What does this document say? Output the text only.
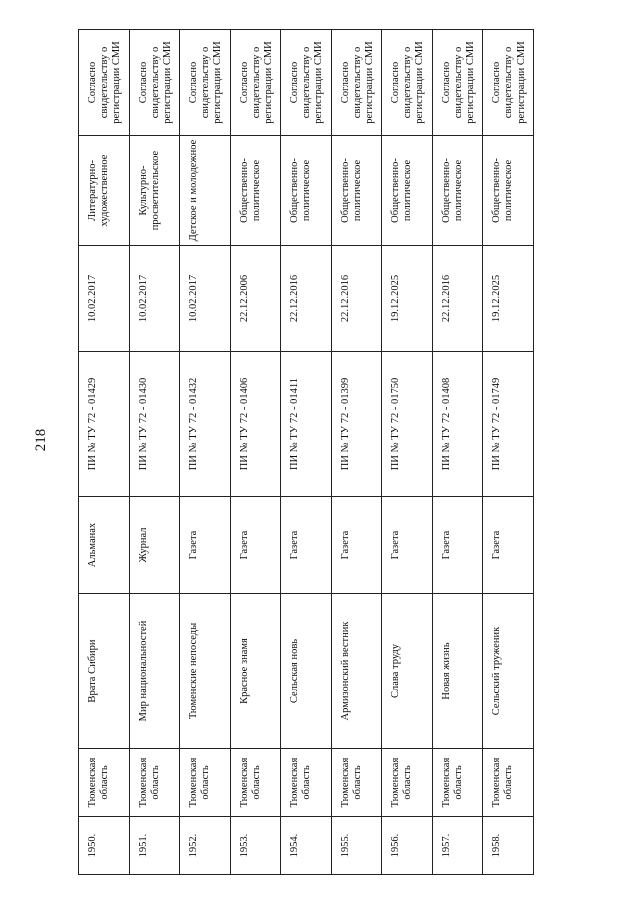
218
1950.	Тюменская область	Врата Сибири	Альманах	ПИ № ТУ 72 - 01429	10.02.2017	Литературно-художественное	Согласно свидетельству о регистрации СМИ
1951.	Тюменская область	Мир национальностей	Журнал	ПИ № ТУ 72 - 01430	10.02.2017	Культурно-просветительское	Согласно свидетельству о регистрации СМИ
1952.	Тюменская область	Тюменские непоседы	Газета	ПИ № ТУ 72 - 01432	10.02.2017	Детское и молодежное	Согласно свидетельству о регистрации СМИ
1953.	Тюменская область	Красное знамя	Газета	ПИ № ТУ 72 - 01406	22.12.2006	Общественно-политическое	Согласно свидетельству о регистрации СМИ
1954.	Тюменская область	Сельская новь	Газета	ПИ № ТУ 72 - 01411	22.12.2016	Общественно-политическое	Согласно свидетельству о регистрации СМИ
1955.	Тюменская область	Армизонский вестник	Газета	ПИ № ТУ 72 - 01399	22.12.2016	Общественно-политическое	Согласно свидетельству о регистрации СМИ
1956.	Тюменская область	Слава труду	Газета	ПИ № ТУ 72 - 01750	19.12.2025	Общественно-политическое	Согласно свидетельству о регистрации СМИ
1957.	Тюменская область	Новая жизнь	Газета	ПИ № ТУ 72 - 01408	22.12.2016	Общественно-политическое	Согласно свидетельству о регистрации СМИ
1958.	Тюменская область	Сельский труженик	Газета	ПИ № ТУ 72 - 01749	19.12.2025	Общественно-политическое	Согласно свидетельству о регистрации СМИ
